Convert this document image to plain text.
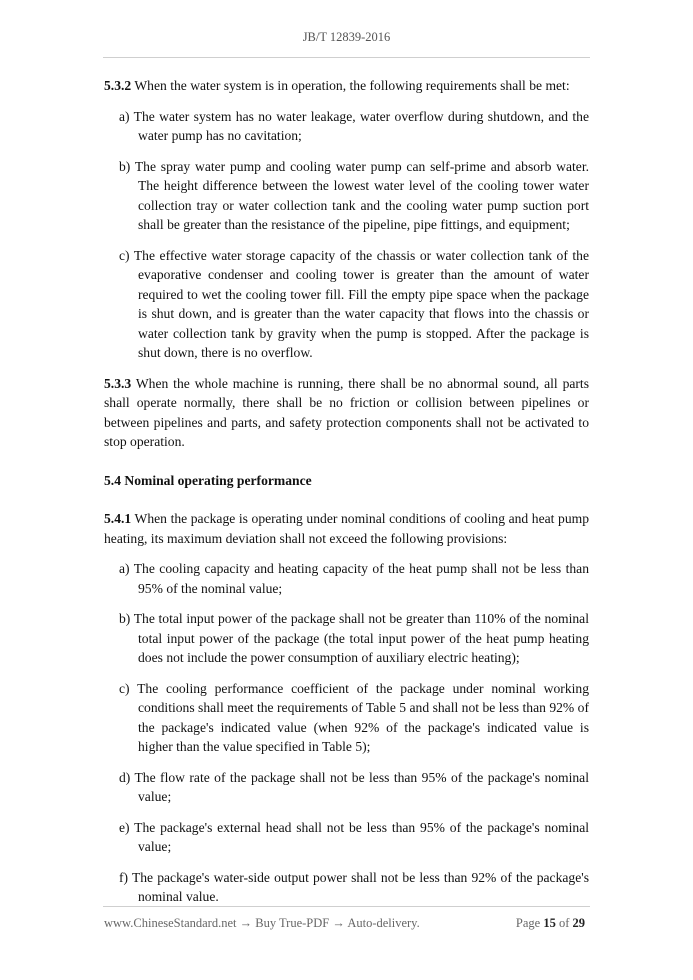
JB/T 12839-2016

5.3.2 When the water system is in operation, the following requirements shall be met:

a) The water system has no water leakage, water overflow during shutdown, and the water pump has no cavitation;

b) The spray water pump and cooling water pump can self-prime and absorb water. The height difference between the lowest water level of the cooling tower water collection tray or water collection tank and the cooling water pump suction port shall be greater than the resistance of the pipeline, pipe fittings, and equipment;

c) The effective water storage capacity of the chassis or water collection tank of the evaporative condenser and cooling tower is greater than the amount of water required to wet the cooling tower fill. Fill the empty pipe space when the package is shut down, and is greater than the water capacity that flows into the chassis or water collection tank by gravity when the pump is stopped. After the package is shut down, there is no overflow.

5.3.3 When the whole machine is running, there shall be no abnormal sound, all parts shall operate normally, there shall be no friction or collision between pipelines or between pipelines and parts, and safety protection components shall not be activated to stop operation.

5.4 Nominal operating performance

5.4.1 When the package is operating under nominal conditions of cooling and heat pump heating, its maximum deviation shall not exceed the following provisions:

a) The cooling capacity and heating capacity of the heat pump shall not be less than 95% of the nominal value;

b) The total input power of the package shall not be greater than 110% of the nominal total input power of the package (the total input power of the heat pump heating does not include the power consumption of auxiliary electric heating);

c) The cooling performance coefficient of the package under nominal working conditions shall meet the requirements of Table 5 and shall not be less than 92% of the package's indicated value (when 92% of the package's indicated value is higher than the value specified in Table 5);

d) The flow rate of the package shall not be less than 95% of the package's nominal value;

e) The package's external head shall not be less than 95% of the package's nominal value;

f) The package's water-side output power shall not be less than 92% of the package's nominal value.

www.ChineseStandard.net → Buy True-PDF → Auto-delivery.	Page 15 of 29
